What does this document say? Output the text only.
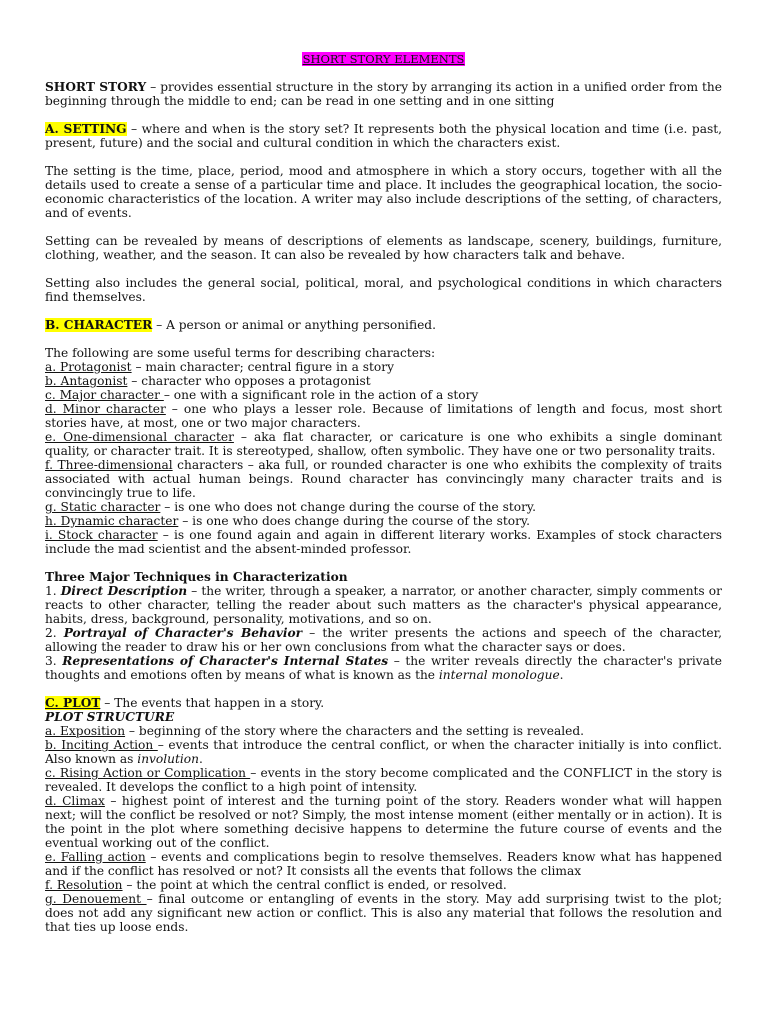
SHORT STORY ELEMENTS

SHORT STORY – provides essential structure in the story by arranging its action in a unified order from the beginning through the middle to end; can be read in one setting and in one sitting

A. SETTING – where and when is the story set? It represents both the physical location and time (i.e. past, present, future) and the social and cultural condition in which the characters exist.

The setting is the time, place, period, mood and atmosphere in which a story occurs, together with all the details used to create a sense of a particular time and place. It includes the geographical location, the socio-economic characteristics of the location. A writer may also include descriptions of the setting, of characters, and of events.

Setting can be revealed by means of descriptions of elements as landscape, scenery, buildings, furniture, clothing, weather, and the season. It can also be revealed by how characters talk and behave.

Setting also includes the general social, political, moral, and psychological conditions in which characters find themselves.

B. CHARACTER – A person or animal or anything personified.

The following are some useful terms for describing characters:
a. Protagonist – main character; central figure in a story
b. Antagonist – character who opposes a protagonist
c. Major character – one with a significant role in the action of a story
d. Minor character – one who plays a lesser role. Because of limitations of length and focus, most short stories have, at most, one or two major characters.
e. One-dimensional character – aka flat character, or caricature is one who exhibits a single dominant quality, or character trait. It is stereotyped, shallow, often symbolic. They have one or two personality traits.
f. Three-dimensional characters – aka full, or rounded character is one who exhibits the complexity of traits associated with actual human beings. Round character has convincingly many character traits and is convincingly true to life.
g. Static character – is one who does not change during the course of the story.
h. Dynamic character – is one who does change during the course of the story.
i. Stock character – is one found again and again in different literary works. Examples of stock characters include the mad scientist and the absent-minded professor.

Three Major Techniques in Characterization
1. Direct Description – the writer, through a speaker, a narrator, or another character, simply comments or reacts to other character, telling the reader about such matters as the character's physical appearance, habits, dress, background, personality, motivations, and so on.
2. Portrayal of Character's Behavior – the writer presents the actions and speech of the character, allowing the reader to draw his or her own conclusions from what the character says or does.
3. Representations of Character's Internal States – the writer reveals directly the character's private thoughts and emotions often by means of what is known as the internal monologue.

C. PLOT – The events that happen in a story.
PLOT STRUCTURE
a. Exposition – beginning of the story where the characters and the setting is revealed.
b. Inciting Action – events that introduce the central conflict, or when the character initially is into conflict. Also known as involution.
c. Rising Action or Complication – events in the story become complicated and the CONFLICT in the story is revealed. It develops the conflict to a high point of intensity.
d. Climax – highest point of interest and the turning point of the story. Readers wonder what will happen next; will the conflict be resolved or not? Simply, the most intense moment (either mentally or in action). It is the point in the plot where something decisive happens to determine the future course of events and the eventual working out of the conflict.
e. Falling action – events and complications begin to resolve themselves. Readers know what has happened and if the conflict has resolved or not? It consists all the events that follows the climax
f. Resolution – the point at which the central conflict is ended, or resolved.
g. Denouement – final outcome or entangling of events in the story. May add surprising twist to the plot; does not add any significant new action or conflict. This is also any material that follows the resolution and that ties up loose ends.
